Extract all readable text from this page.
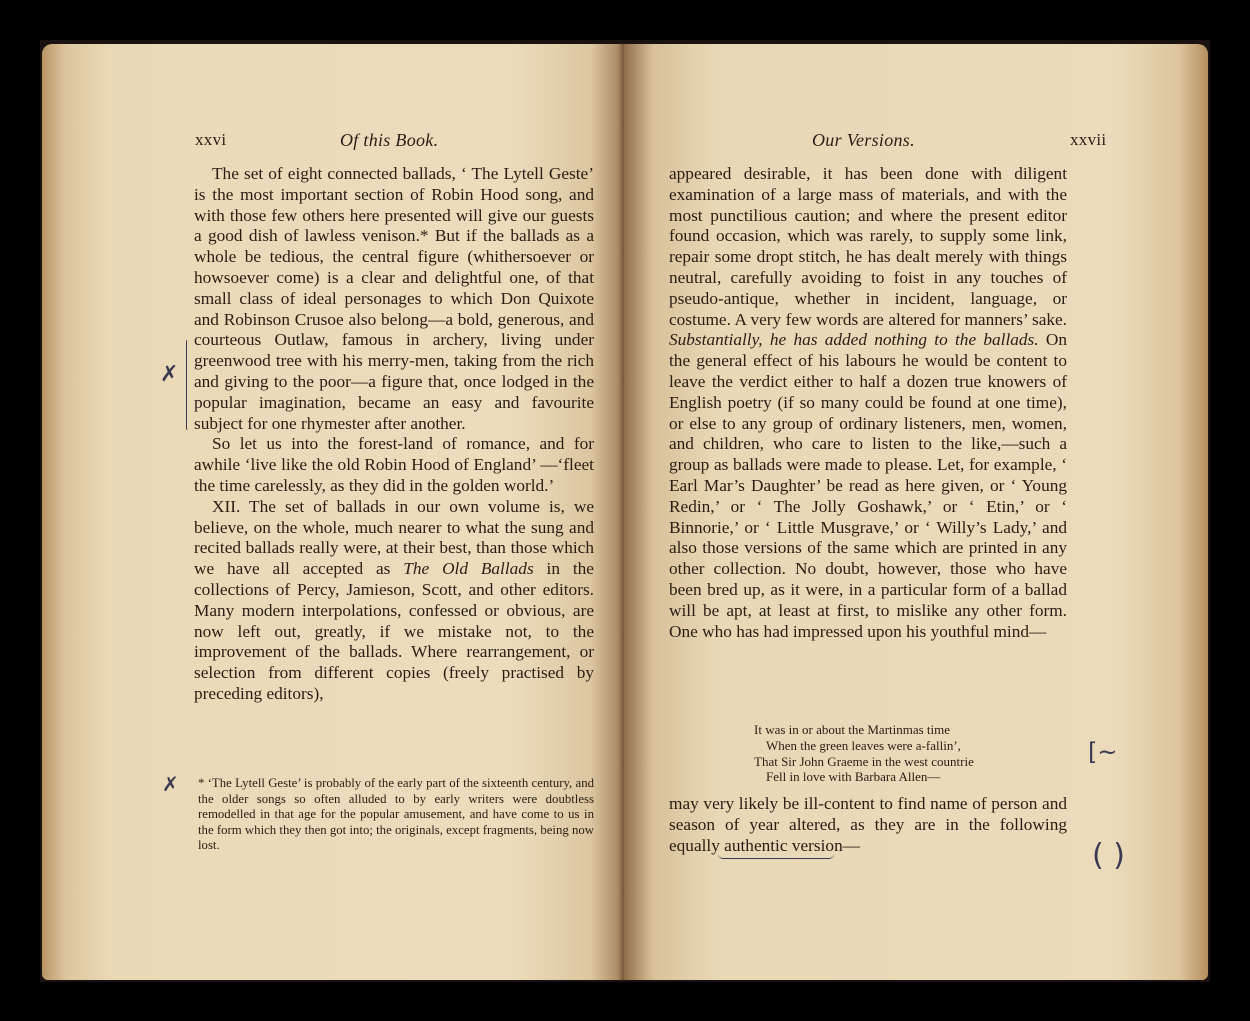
xxvi	Of this Book.

The set of eight connected ballads, ‘ The Lytell Geste’ is the most important section of Robin Hood song, and with those few others here presented will give our guests a good dish of lawless venison.* But if the ballads as a whole be tedious, the central figure (whithersoever or howsoever come) is a clear and delightful one, of that small class of ideal personages to which Don Quixote and Robinson Crusoe also belong—a bold, generous, and courteous Outlaw, famous in archery, living under greenwood tree with his merry-men, taking from the rich and giving to the poor—a figure that, once lodged in the popular imagination, became an easy and favourite subject for one rhymester after another.

So let us into the forest-land of romance, and for awhile ‘live like the old Robin Hood of England’ —‘fleet the time carelessly, as they did in the golden world.’

XII. The set of ballads in our own volume is, we believe, on the whole, much nearer to what the sung and recited ballads really were, at their best, than those which we have all accepted as The Old Ballads in the collections of Percy, Jamieson, Scott, and other editors. Many modern interpolations, confessed or obvious, are now left out, greatly, if we mistake not, to the improvement of the ballads. Where rearrangement, or selection from different copies (freely practised by preceding editors),

* ‘The Lytell Geste’ is probably of the early part of the sixteenth century, and the older songs so often alluded to by early writers were doubtless remodelled in that age for the popular amusement, and have come to us in the form which they then got into; the originals, except fragments, being now lost.
✗
✗
Our Versions.	xxvii

appeared desirable, it has been done with diligent examination of a large mass of materials, and with the most punctilious caution; and where the present editor found occasion, which was rarely, to supply some link, repair some dropt stitch, he has dealt merely with things neutral, carefully avoiding to foist in any touches of pseudo-antique, whether in incident, language, or costume. A very few words are altered for manners’ sake. Substantially, he has added nothing to the ballads. On the general effect of his labours he would be content to leave the verdict either to half a dozen true knowers of English poetry (if so many could be found at one time), or else to any group of ordinary listeners, men, women, and children, who care to listen to the like,—such a group as ballads were made to please. Let, for example, ‘ Earl Mar’s Daughter’ be read as here given, or ‘ Young Redin,’ or ‘ The Jolly Goshawk,’ or ‘ Etin,’ or ‘ Binnorie,’ or ‘ Little Musgrave,’ or ‘ Willy’s Lady,’ and also those versions of the same which are printed in any other collection. No doubt, however, those who have been bred up, as it were, in a particular form of a ballad will be apt, at least at first, to mislike any other form. One who has had impressed upon his youthful mind—

It was in or about the Martinmas time
When the green leaves were a-fallin’,
That Sir John Graeme in the west countrie
Fell in love with Barbara Allen—
may very likely be ill-content to find name of person and season of year altered, as they are in the following equally authentic version—
[~
( )
